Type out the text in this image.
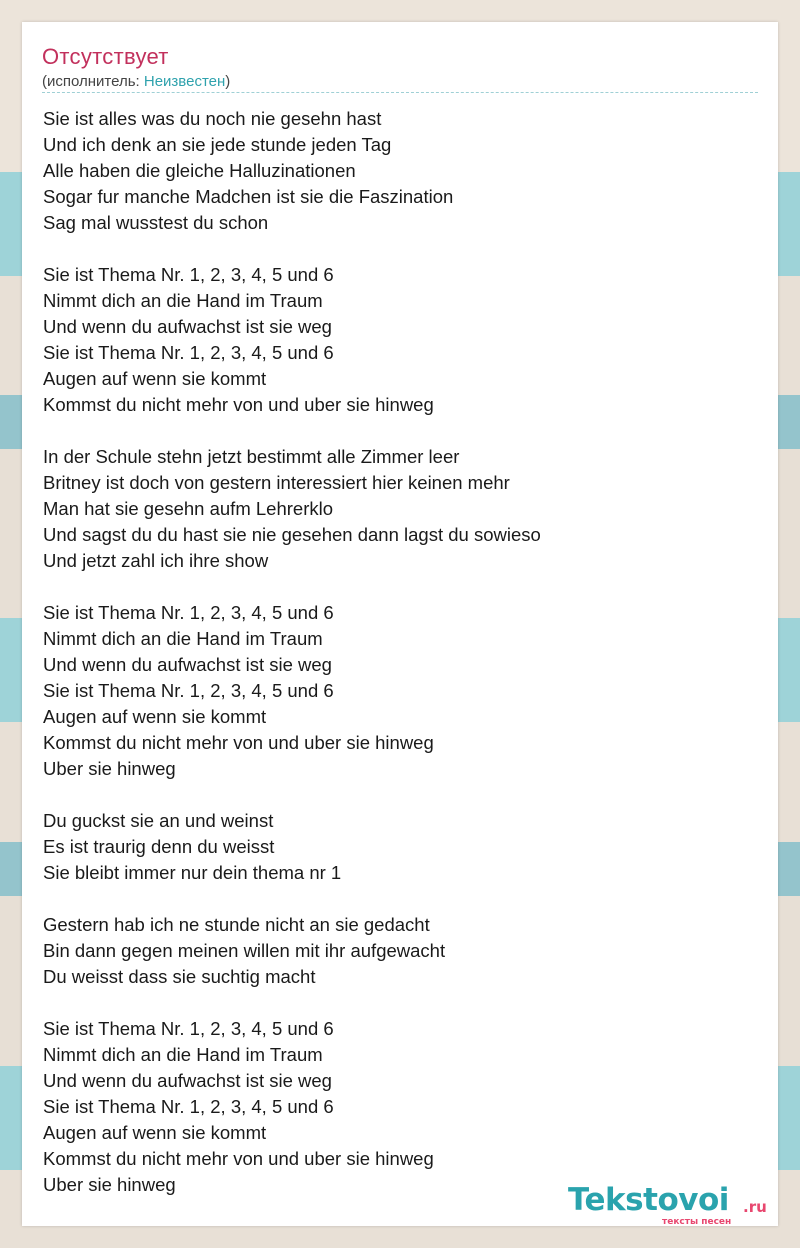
Отсутствует
(исполнитель: Неизвестен)
Sie ist alles was du noch nie gesehn hast
Und ich denk an sie jede stunde jeden Tag
Alle haben die gleiche Halluzinationen
Sogar fur manche Madchen ist sie die Faszination
Sag mal wusstest du schon
Sie ist Thema Nr. 1, 2, 3, 4, 5 und 6
Nimmt dich an die Hand im Traum
Und wenn du aufwachst ist sie weg
Sie ist Thema Nr. 1, 2, 3, 4, 5 und 6
Augen auf wenn sie kommt
Kommst du nicht mehr von und uber sie hinweg
In der Schule stehn jetzt bestimmt alle Zimmer leer
Britney ist doch von gestern interessiert hier keinen mehr
Man hat sie gesehn aufm Lehrerklo
Und sagst du du hast sie nie gesehen dann lagst du sowieso
Und jetzt zahl ich ihre show
Sie ist Thema Nr. 1, 2, 3, 4, 5 und 6
Nimmt dich an die Hand im Traum
Und wenn du aufwachst ist sie weg
Sie ist Thema Nr. 1, 2, 3, 4, 5 und 6
Augen auf wenn sie kommt
Kommst du nicht mehr von und uber sie hinweg
Uber sie hinweg
Du guckst sie an und weinst
Es ist traurig denn du weisst
Sie bleibt immer nur dein thema nr 1
Gestern hab ich ne stunde nicht an sie gedacht
Bin dann gegen meinen willen mit ihr aufgewacht
Du weisst dass sie suchtig macht
Sie ist Thema Nr. 1, 2, 3, 4, 5 und 6
Nimmt dich an die Hand im Traum
Und wenn du aufwachst ist sie weg
Sie ist Thema Nr. 1, 2, 3, 4, 5 und 6
Augen auf wenn sie kommt
Kommst du nicht mehr von und uber sie hinweg
Uber sie hinweg	Tekstovoi .ru
тексты песен
